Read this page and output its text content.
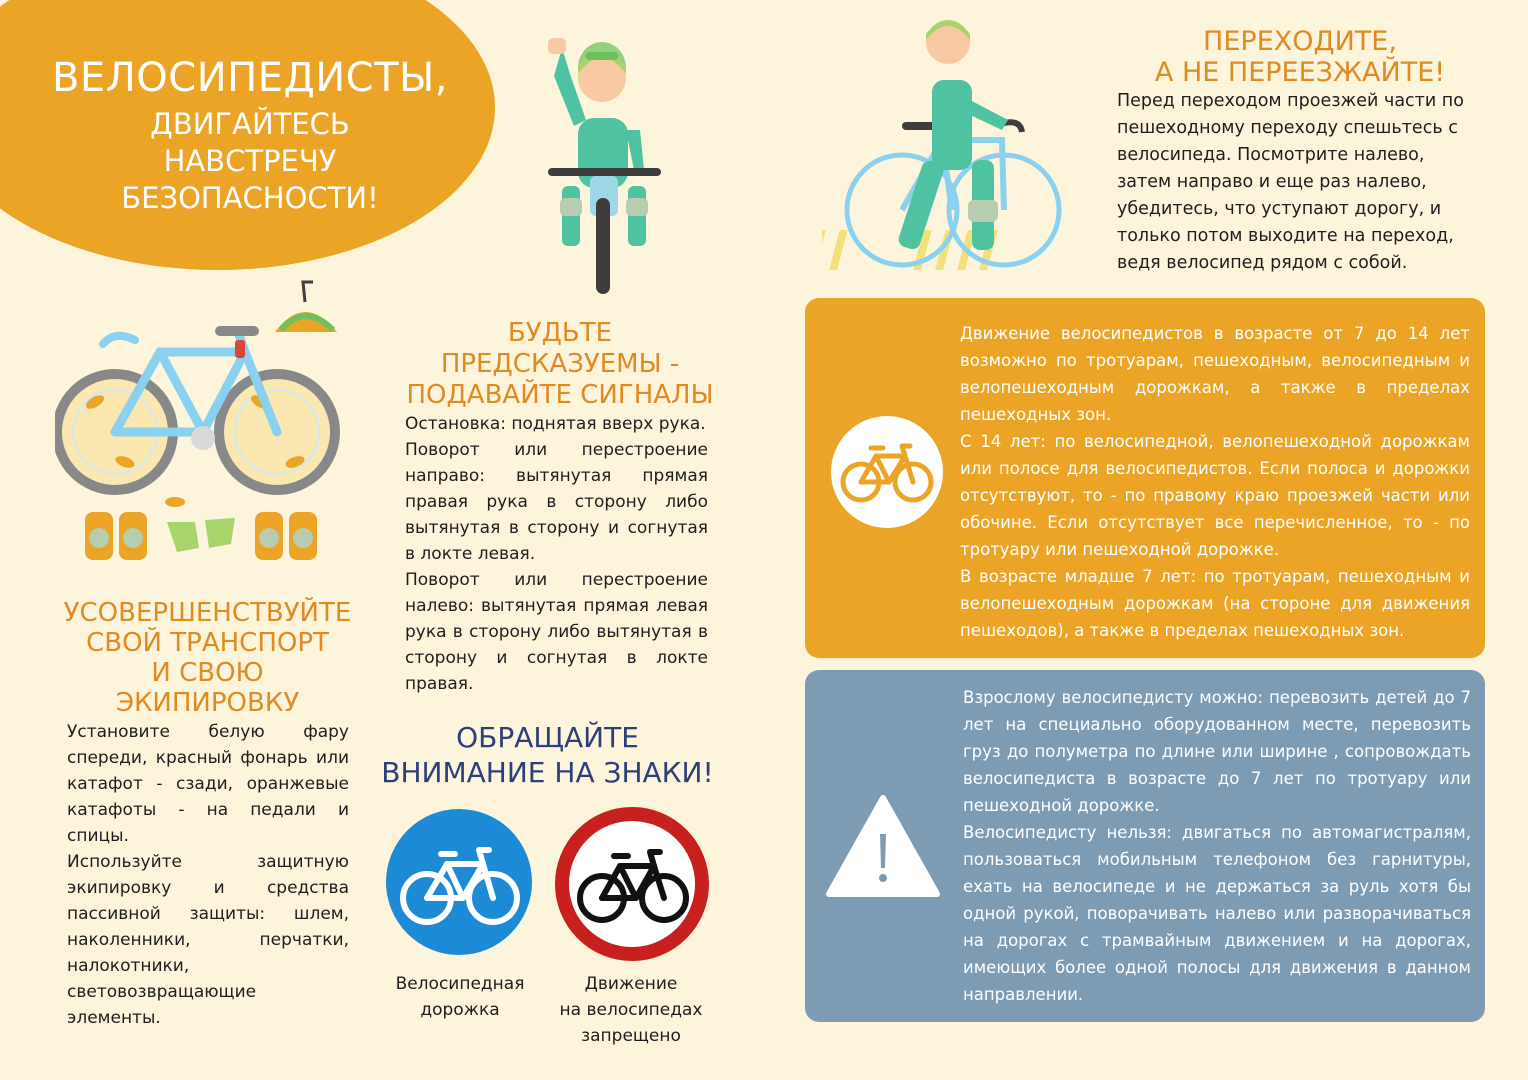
ВЕЛОСИПЕДИСТЫ,
ДВИГАЙТЕСЬ
НАВСТРЕЧУ
БЕЗОПАСНОСТИ!
ПЕРЕХОДИТЕ,
А НЕ ПЕРЕЕЗЖАЙТЕ!
Перед переходом проезжей части по пешеходному переходу спешьтесь с велосипеда. Посмотрите налево, затем направо и еще раз налево, убедитесь, что уступают дорогу, и только потом выходите на переход, ведя велосипед рядом с собой.
БУДЬТЕ
ПРЕДСКАЗУЕМЫ -
ПОДАВАЙТЕ СИГНАЛЫ

Остановка: поднятая вверх рука.

Поворот или перестроение направо: вытянутая прямая правая рука в сторону либо вытянутая в сторону и согнутая в локте левая.

Поворот или перестроение налево: вытянутая прямая левая рука в сторону либо вытянутая в сторону и согнутая в локте правая.

УСОВЕРШЕНСТВУЙТЕ
СВОЙ ТРАНСПОРТ
И СВОЮ
ЭКИПИРОВКУ

Установите белую фару спереди, красный фонарь или катафот - сзади, оранжевые катафоты - на педали и спицы.

Используйте защитную экипировку и средства пассивной защиты: шлем, наколенники, перчатки, налокотники, световозвращающие элементы.

ОБРАЩАЙТЕ
ВНИМАНИЕ НА ЗНАКИ!
Велосипедная
дорожка
Движение
на велосипедах
запрещено

Движение велосипедистов в возрасте от 7 до 14 лет возможно по тротуарам, пешеходным, велосипедным и велопешеходным дорожкам, а также в пределах пешеходных зон.

С 14 лет: по велосипедной, велопешеходной дорожкам или полосе для велосипедистов. Если полоса и дорожки отсутствуют, то - по правому краю проезжей части или обочине. Если отсутствует все перечисленное, то - по тротуару или пешеходной дорожке.

В возрасте младше 7 лет: по тротуарам, пешеходным и велопешеходным дорожкам (на стороне для движения пешеходов), а также в пределах пешеходных зон.

Взрослому велосипедисту можно: перевозить детей до 7 лет на специально оборудованном месте, перевозить груз до полуметра по длине или ширине , сопровождать велосипедиста в возрасте до 7 лет по тротуару или пешеходной дорожке.

Велосипедисту нельзя: двигаться по автомагистралям, пользоваться мобильным телефоном без гарнитуры, ехать на велосипеде и не держаться за руль хотя бы одной рукой, поворачивать налево или разворачиваться на дорогах с трамвайным движением и на дорогах, имеющих более одной полосы для движения в данном направлении.
